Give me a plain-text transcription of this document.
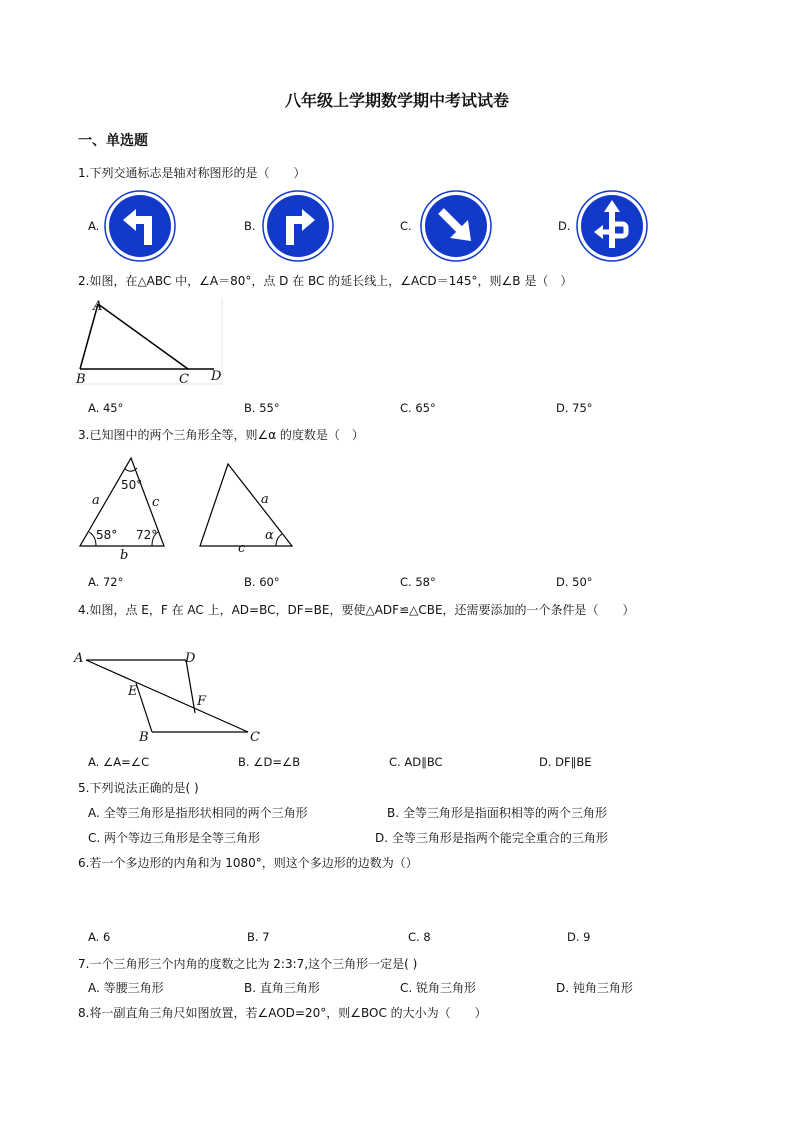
八年级上学期数学期中考试试卷
一、单选题
1.下列交通标志是轴对称图形的是（　　）
A.	B.	C.	D.
2.如图，在△ABC 中，∠A＝80°，点 D 在 BC 的延长线上，∠ACD＝145°，则∠B 是（　）
A
B	C D
A. 45°	B. 55°	C. 65°	D. 75°
3.已知图中的两个三角形全等，则∠α 的度数是（　）
50°
58° 72°
a
b
c	a
c
α
A. 72°	B. 60°	C. 58°	D. 50°
4.如图，点 E，F 在 AC 上，AD=BC，DF=BE，要使△ADF≌△CBE，还需要添加的一个条件是（　　）
A	D
E
F
B	C
A. ∠A=∠C	B. ∠D=∠B	C. AD∥BC	D. DF∥BE
5.下列说法正确的是( )
A. 全等三角形是指形状相同的两个三角形	B. 全等三角形是指面积相等的两个三角形
C. 两个等边三角形是全等三角形	D. 全等三角形是指两个能完全重合的三角形
6.若一个多边形的内角和为 1080°，则这个多边形的边数为（）
A. 6	B. 7	C. 8	D. 9
7.一个三角形三个内角的度数之比为 2:3:7,这个三角形一定是( )
A. 等腰三角形	B. 直角三角形	C. 锐角三角形	D. 钝角三角形
8.将一副直角三角尺如图放置，若∠AOD=20°，则∠BOC 的大小为（　　）
